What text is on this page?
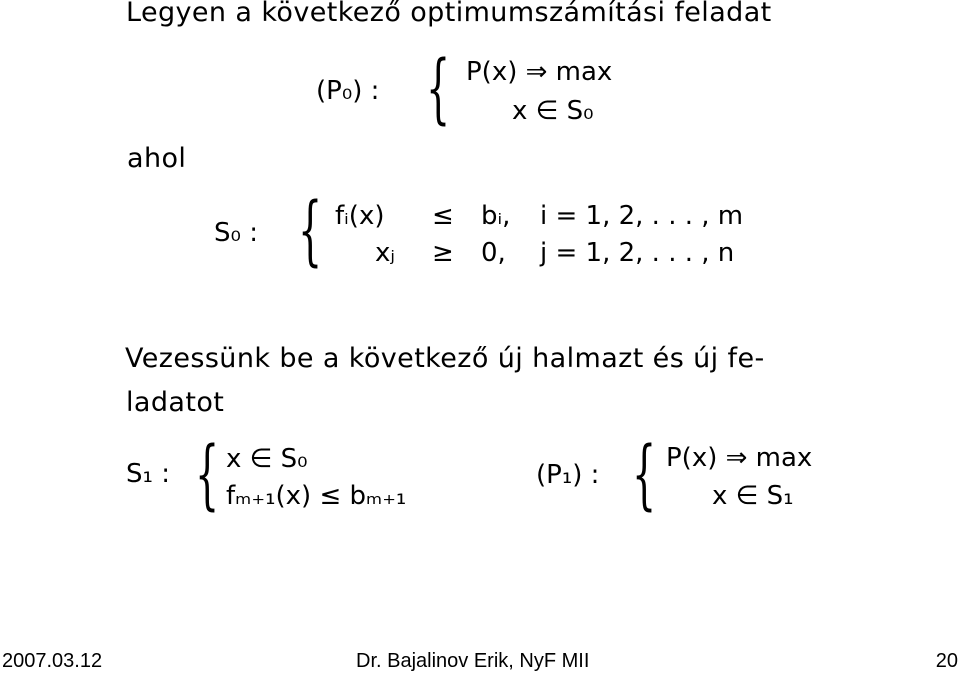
Legyen a következő optimumszámítási feladat
(P₀) : { P(x) ⇒ max
x ∈ S₀
ahol
S₀ : { fᵢ(x) ≤ bᵢ, i = 1, 2, . . . , m
xⱼ ≥ 0, j = 1, 2, . . . , n
Vezessünk be a következő új halmazt és új fe-
ladatot
S₁ : { x ∈ S₀
fₘ₊₁(x) ≤ bₘ₊₁
(P₁) : { P(x) ⇒ max
x ∈ S₁
2007.03.12	Dr. Bajalinov Erik, NyF MII	20
